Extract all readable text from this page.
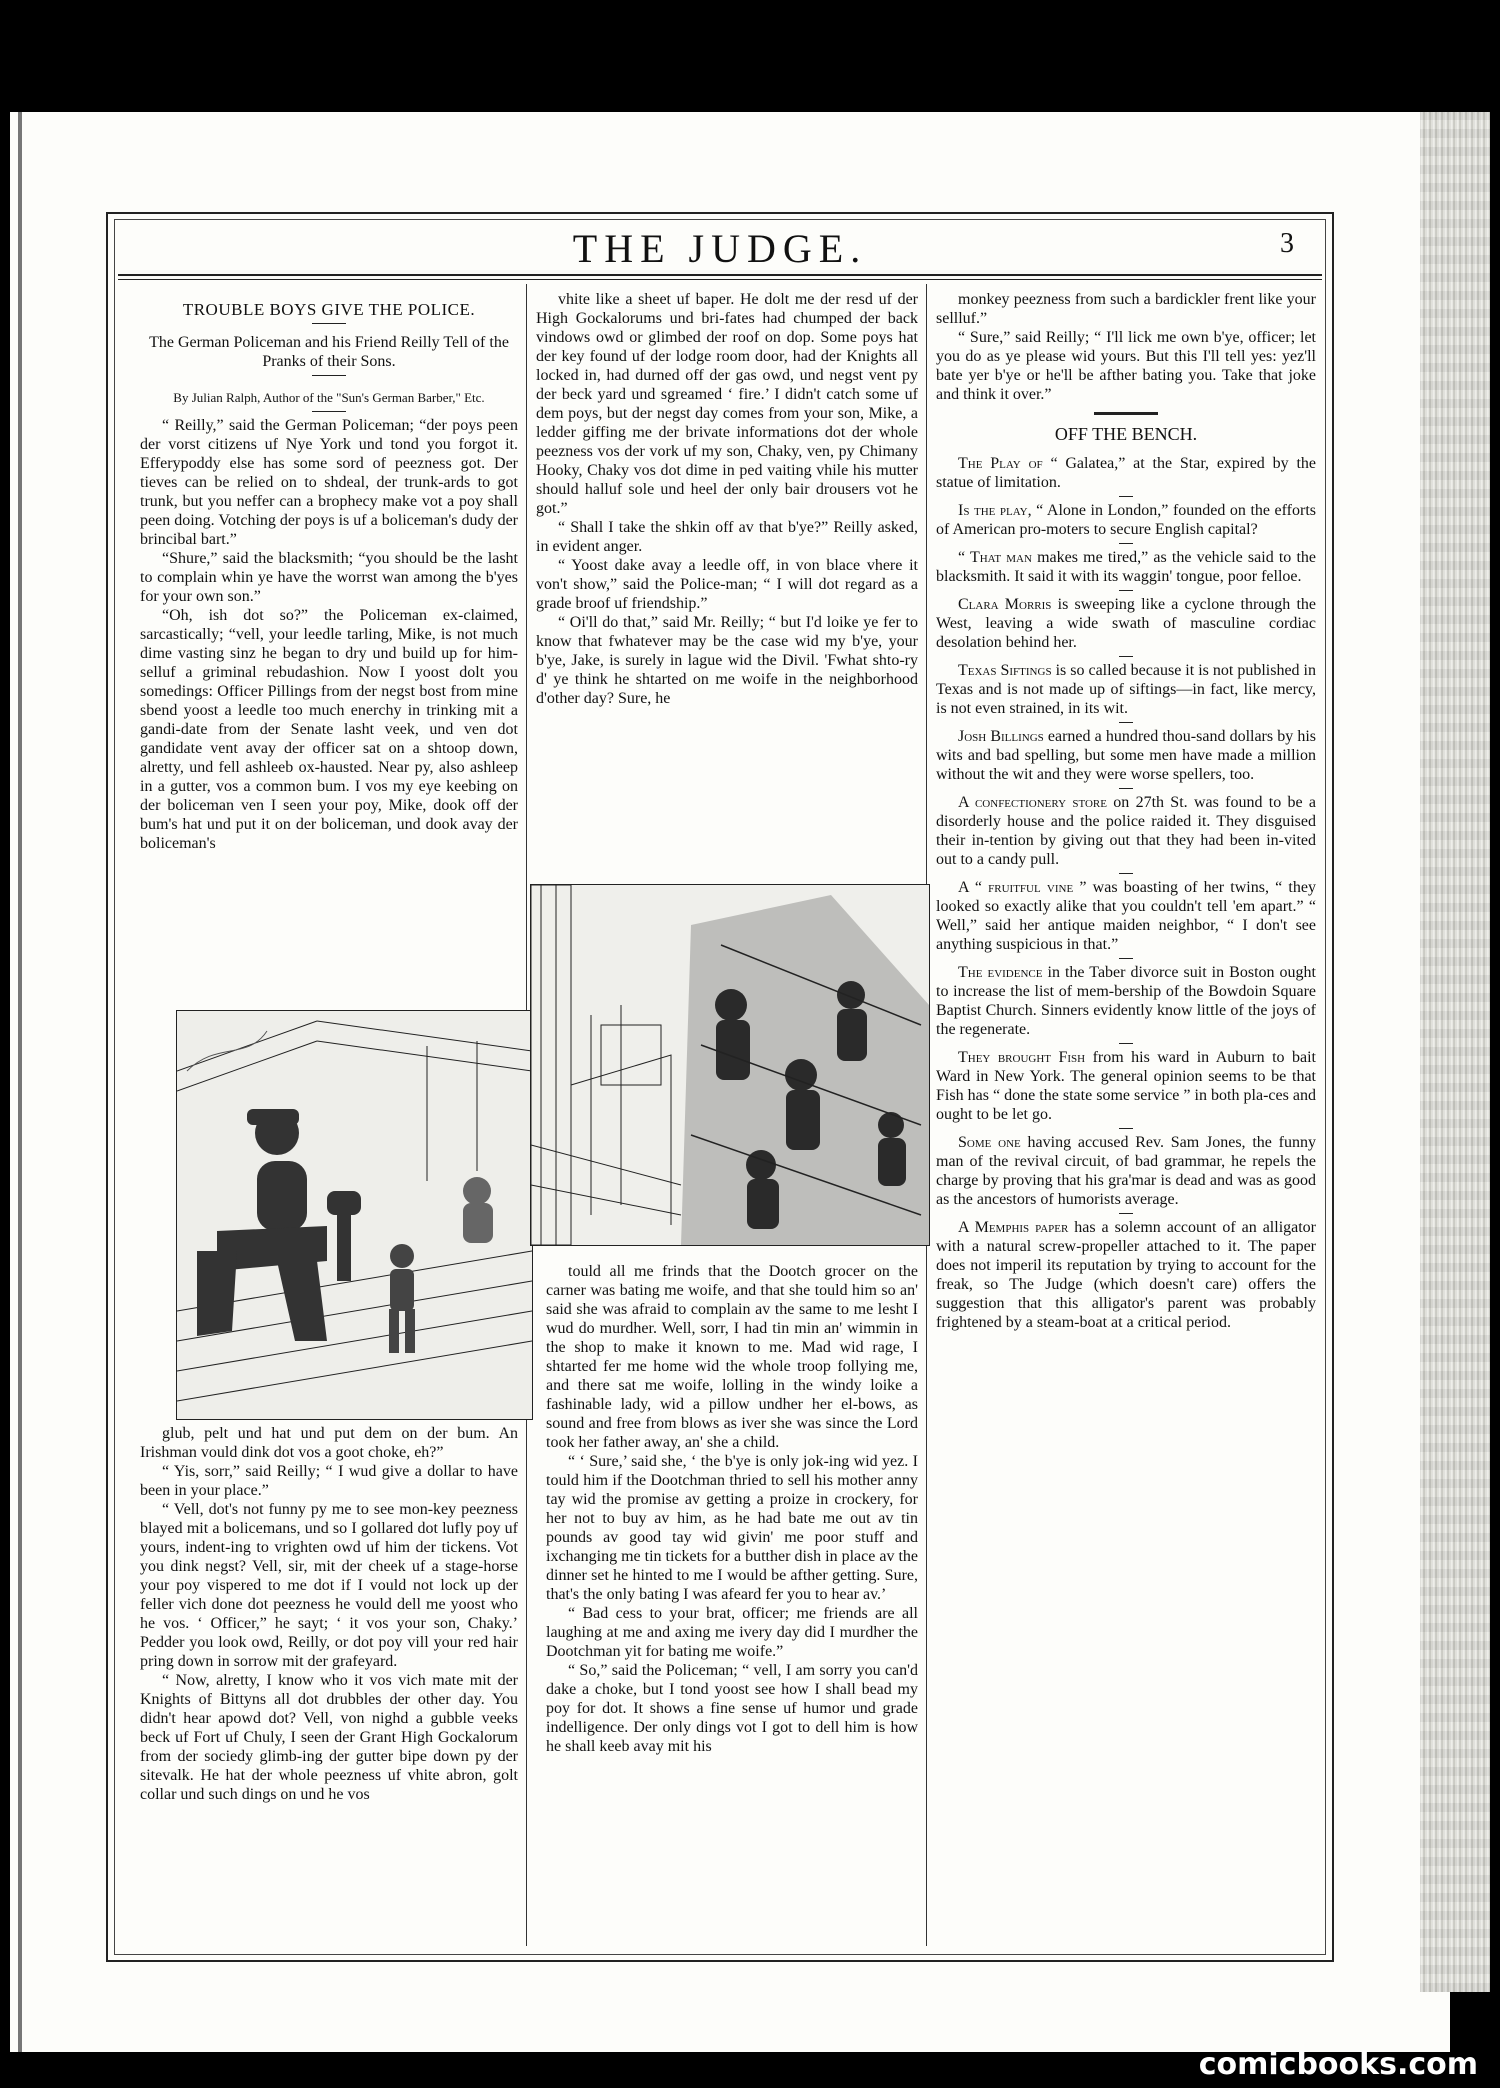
THE JUDGE.	3
TROUBLE BOYS GIVE THE POLICE.
The German Policeman and his Friend Reilly Tell of the Pranks of their Sons.
By Julian Ralph, Author of the "Sun's German Barber," Etc.

“ Reilly,” said the German Policeman; “der poys peen der vorst citizens uf Nye York und tond you forgot it. Efferypoddy else has some sord of peezness got. Der tieves can be relied on to shdeal, der trunk-ards to got trunk, but you neffer can a brophecy make vot a poy shall peen doing. Votching der poys is uf a boliceman's dudy der brincibal bart.”

“Shure,” said the blacksmith; “you should be the lasht to complain whin ye have the worrst wan among the b'yes for your own son.”

“Oh, ish dot so?” the Policeman ex-claimed, sarcastically; “vell, your leedle tarling, Mike, is not much dime vasting sinz he began to dry und build up for him-selluf a griminal rebudashion. Now I yoost dolt you somedings: Officer Pillings from der negst bost from mine sbend yoost a leedle too much enerchy in trinking mit a gandi-date from der Senate lasht veek, und ven dot gandidate vent avay der officer sat on a shtoop down, alretty, und fell ashleeb ox-hausted. Near py, also ashleep in a gutter, vos a common bum. I vos my eye keebing on der boliceman ven I seen your poy, Mike, dook off der bum's hat und put it on der boliceman, und dook avay der boliceman's

glub, pelt und hat und put dem on der bum. An Irishman vould dink dot vos a goot choke, eh?”

“ Yis, sorr,” said Reilly; “ I wud give a dollar to have been in your place.”

“ Vell, dot's not funny py me to see mon-key peezness blayed mit a bolicemans, und so I gollared dot lufly poy uf yours, indent-ing to vrighten owd uf him der tickens. Vot you dink negst? Vell, sir, mit der cheek uf a stage-horse your poy vispered to me dot if I vould not lock up der feller vich done dot peezness he vould dell me yoost who he vos. ‘ Officer,” he sayt; ‘ it vos your son, Chaky.’ Pedder you look owd, Reilly, or dot poy vill your red hair pring down in sorrow mit der grafeyard.

“ Now, alretty, I know who it vos vich mate mit der Knights of Bittyns all dot drubbles der other day. You didn't hear apowd dot? Vell, von nighd a gubble veeks beck uf Fort uf Chuly, I seen der Grant High Gockalorum from der sociedy glimb-ing der gutter bipe down py der sitevalk. He hat der whole peezness uf vhite abron, golt collar und such dings on und he vos

vhite like a sheet uf baper. He dolt me der resd uf der High Gockalorums und bri-fates had chumped der back vindows owd or glimbed der roof on dop. Some poys hat der key found uf der lodge room door, had der Knights all locked in, had durned off der gas owd, und negst vent py der beck yard und sgreamed ‘ fire.’ I didn't catch some uf dem poys, but der negst day comes from your son, Mike, a ledder giffing me der brivate informations dot der whole peezness vos der vork uf my son, Chaky, ven, py Chimany Hooky, Chaky vos dot dime in ped vaiting vhile his mutter should halluf sole und heel der only bair drousers vot he got.”

“ Shall I take the shkin off av that b'ye?” Reilly asked, in evident anger.

“ Yoost dake avay a leedle off, in von blace vhere it von't show,” said the Police-man; “ I will dot regard as a grade broof uf friendship.”

“ Oi'll do that,” said Mr. Reilly; “ but I'd loike ye fer to know that fwhatever may be the case wid my b'ye, your b'ye, Jake, is surely in lague wid the Divil. 'Fwhat shto-ry d' ye think he shtarted on me woife in the neighborhood d'other day? Sure, he

tould all me frinds that the Dootch grocer on the carner was bating me woife, and that she tould him so an' said she was afraid to complain av the same to me lesht I wud do murdher. Well, sorr, I had tin min an' wimmin in the shop to make it known to me. Mad wid rage, I shtarted fer me home wid the whole troop follying me, and there sat me woife, lolling in the windy loike a fashinable lady, wid a pillow undher her el-bows, as sound and free from blows as iver she was since the Lord took her father away, an' she a child.

“ ‘ Sure,’ said she, ‘ the b'ye is only jok-ing wid yez. I tould him if the Dootchman thried to sell his mother anny tay wid the promise av getting a proize in crockery, for her not to buy av him, as he had bate me out av tin pounds av good tay wid givin' me poor stuff and ixchanging me tin tickets for a butther dish in place av the dinner set he hinted to me I would be afther getting. Sure, that's the only bating I was afeard fer you to hear av.’

“ Bad cess to your brat, officer; me friends are all laughing at me and axing me ivery day did I murdher the Dootchman yit for bating me woife.”

“ So,” said the Policeman; “ vell, I am sorry you can'd dake a choke, but I tond yoost see how I shall bead my poy for dot. It shows a fine sense uf humor und grade indelligence. Der only dings vot I got to dell him is how he shall keeb avay mit his

monkey peezness from such a bardickler frent like your sellluf.”

“ Sure,” said Reilly; “ I'll lick me own b'ye, officer; let you do as ye please wid yours. But this I'll tell yes: yez'll bate yer b'ye or he'll be afther bating you. Take that joke and think it over.”

OFF THE BENCH.

The Play of “ Galatea,” at the Star, expired by the statue of limitation.

Is the play, “ Alone in London,” founded on the efforts of American pro-moters to secure English capital?

“ That man makes me tired,” as the vehicle said to the blacksmith. It said it with its waggin' tongue, poor felloe.

Clara Morris is sweeping like a cyclone through the West, leaving a wide swath of masculine cordiac desolation behind her.

Texas Siftings is so called because it is not published in Texas and is not made up of siftings—in fact, like mercy, is not even strained, in its wit.

Josh Billings earned a hundred thou-sand dollars by his wits and bad spelling, but some men have made a million without the wit and they were worse spellers, too.

A confectionery store on 27th St. was found to be a disorderly house and the police raided it. They disguised their in-tention by giving out that they had been in-vited out to a candy pull.

A “ fruitful vine ” was boasting of her twins, “ they looked so exactly alike that you couldn't tell 'em apart.” “ Well,” said her antique maiden neighbor, “ I don't see anything suspicious in that.”

The evidence in the Taber divorce suit in Boston ought to increase the list of mem-bership of the Bowdoin Square Baptist Church. Sinners evidently know little of the joys of the regenerate.

They brought Fish from his ward in Auburn to bait Ward in New York. The general opinion seems to be that Fish has “ done the state some service ” in both pla-ces and ought to be let go.

Some one having accused Rev. Sam Jones, the funny man of the revival circuit, of bad grammar, he repels the charge by proving that his gra'mar is dead and was as good as the ancestors of humorists average.

A Memphis paper has a solemn account of an alligator with a natural screw-propeller attached to it. The paper does not imperil its reputation by trying to account for the freak, so The Judge (which doesn't care) offers the suggestion that this alligator's parent was probably frightened by a steam-boat at a critical period.

comicbooks.com
